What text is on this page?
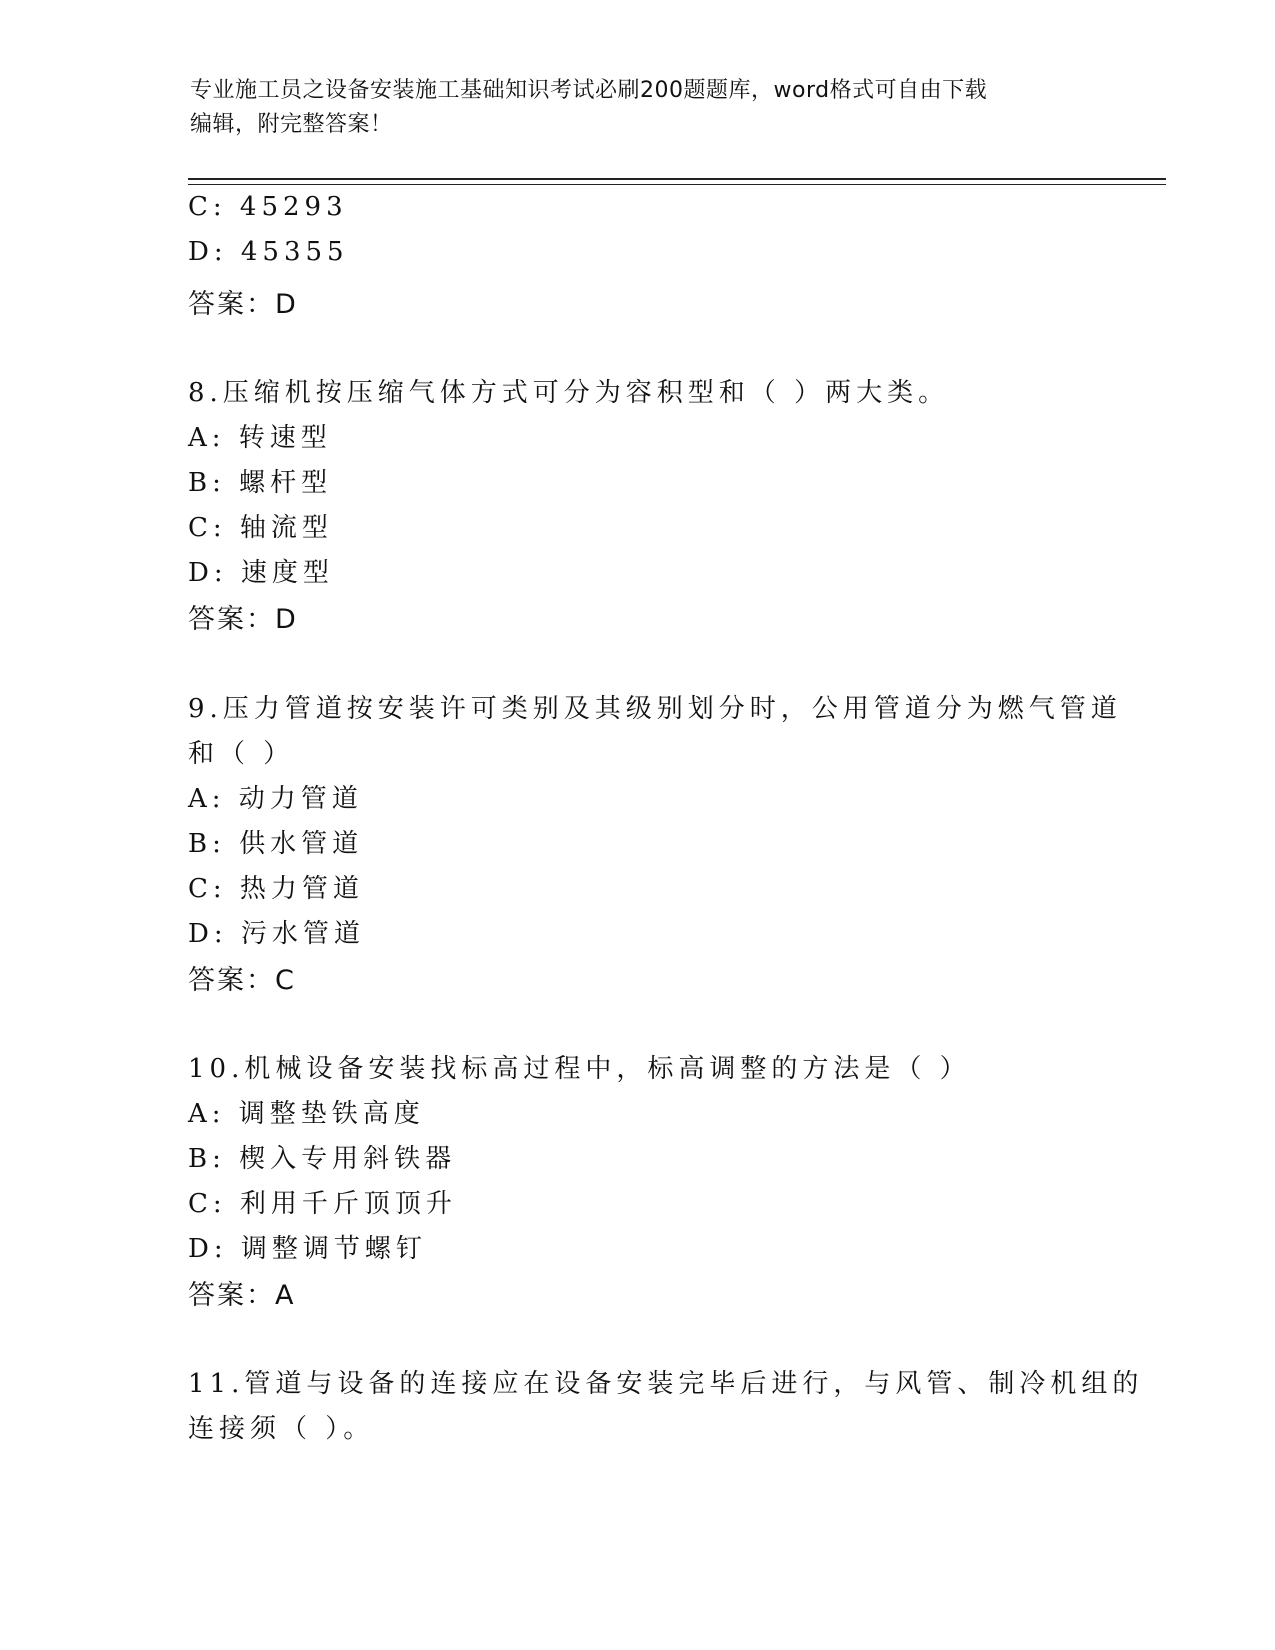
专业施工员之设备安装施工基础知识考试必刷200题题库，word格式可自由下载
编辑，附完整答案！
C: 45293
D: 45355
答案：D
8.压缩机按压缩气体方式可分为容积型和（ ）两大类。
A: 转速型
B: 螺杆型
C: 轴流型
D: 速度型
答案：D
9.压力管道按安装许可类别及其级别划分时，公用管道分为燃气管道
和（ ）
A: 动力管道
B: 供水管道
C: 热力管道
D: 污水管道
答案：C
10.机械设备安装找标高过程中，标高调整的方法是（ ）
A: 调整垫铁高度
B: 楔入专用斜铁器
C: 利用千斤顶顶升
D: 调整调节螺钉
答案：A
11.管道与设备的连接应在设备安装完毕后进行，与风管、制冷机组的
连接须（ ）。
